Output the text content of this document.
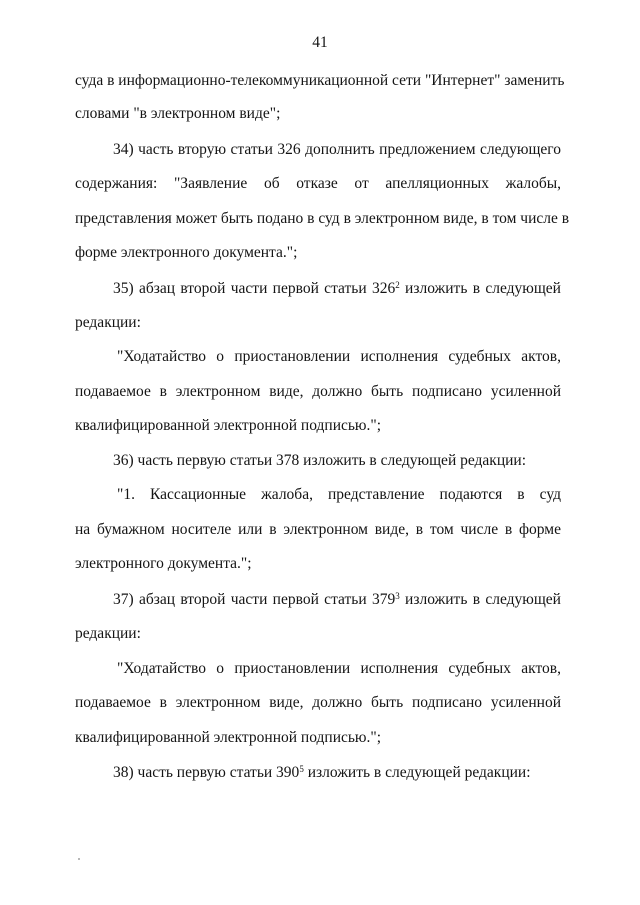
41
суда в информационно-телекоммуникационной сети "Интернет" заменить
словами "в электронном виде";
34) часть вторую статьи 326 дополнить предложением следующего
содержания: "Заявление об отказе от апелляционных жалобы,
представления может быть подано в суд в электронном виде, в том числе в
форме электронного документа.";
35) абзац второй части первой статьи $326^2$ изложить в следующей
редакции:
"Ходатайство о приостановлении исполнения судебных актов,
подаваемое в электронном виде, должно быть подписано усиленной
квалифицированной электронной подписью.";
36) часть первую статьи 378 изложить в следующей редакции:
"1. Кассационные жалоба, представление подаются в суд
на бумажном носителе или в электронном виде, в том числе в форме
электронного документа.";
37) абзац второй части первой статьи $379^3$ изложить в следующей
редакции:
"Ходатайство о приостановлении исполнения судебных актов,
подаваемое в электронном виде, должно быть подписано усиленной
квалифицированной электронной подписью.";
38) часть первую статьи $390^5$ изложить в следующей редакции:
